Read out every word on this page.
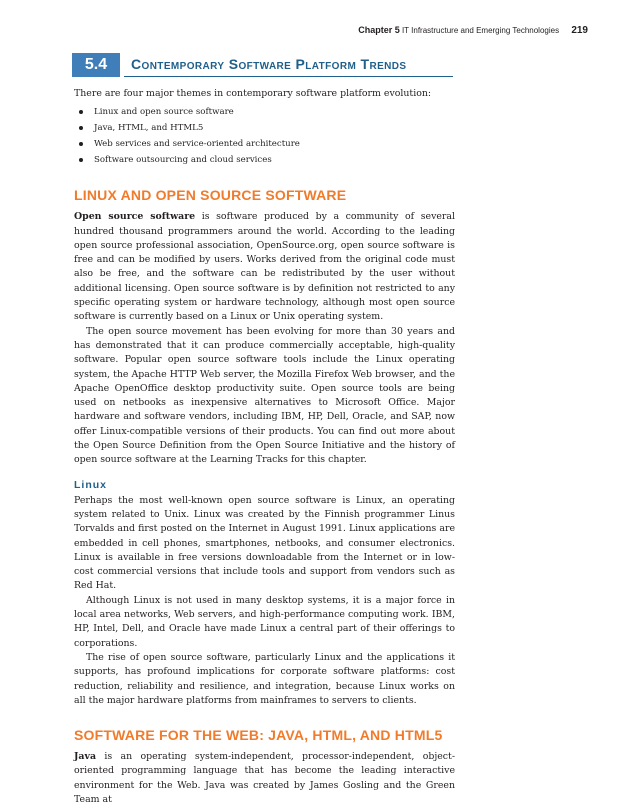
Chapter 5 IT Infrastructure and Emerging Technologies 219
5.4	Contemporary Software Platform Trends

There are four major themes in contemporary software platform evolution:

Linux and open source software
Java, HTML, and HTML5
Web services and service-oriented architecture
Software outsourcing and cloud services
LINUX AND OPEN SOURCE SOFTWARE

Open source software is software produced by a community of several hundred thousand programmers around the world. According to the leading open source professional association, OpenSource.org, open source software is free and can be modified by users. Works derived from the original code must also be free, and the software can be redistributed by the user without additional licensing. Open source software is by definition not restricted to any specific operating system or hardware technology, although most open source software is currently based on a Linux or Unix operating system.

The open source movement has been evolving for more than 30 years and has demonstrated that it can produce commercially acceptable, high-quality software. Popular open source software tools include the Linux operating system, the Apache HTTP Web server, the Mozilla Firefox Web browser, and the Apache OpenOffice desktop productivity suite. Open source tools are being used on netbooks as inexpensive alternatives to Microsoft Office. Major hardware and software vendors, including IBM, HP, Dell, Oracle, and SAP, now offer Linux-compatible versions of their products. You can find out more about the Open Source Definition from the Open Source Initiative and the history of open source software at the Learning Tracks for this chapter.

Linux

Perhaps the most well-known open source software is Linux, an operating system related to Unix. Linux was created by the Finnish programmer Linus Torvalds and first posted on the Internet in August 1991. Linux applications are embedded in cell phones, smartphones, netbooks, and consumer electronics. Linux is available in free versions downloadable from the Internet or in low-cost commercial versions that include tools and support from vendors such as Red Hat.

Although Linux is not used in many desktop systems, it is a major force in local area networks, Web servers, and high-performance computing work. IBM, HP, Intel, Dell, and Oracle have made Linux a central part of their offerings to corporations.

The rise of open source software, particularly Linux and the applications it supports, has profound implications for corporate software platforms: cost reduction, reliability and resilience, and integration, because Linux works on all the major hardware platforms from mainframes to servers to clients.

SOFTWARE FOR THE WEB: JAVA, HTML, AND HTML5

Java is an operating system-independent, processor-independent, object-oriented programming language that has become the leading interactive environment for the Web. Java was created by James Gosling and the Green Team at
